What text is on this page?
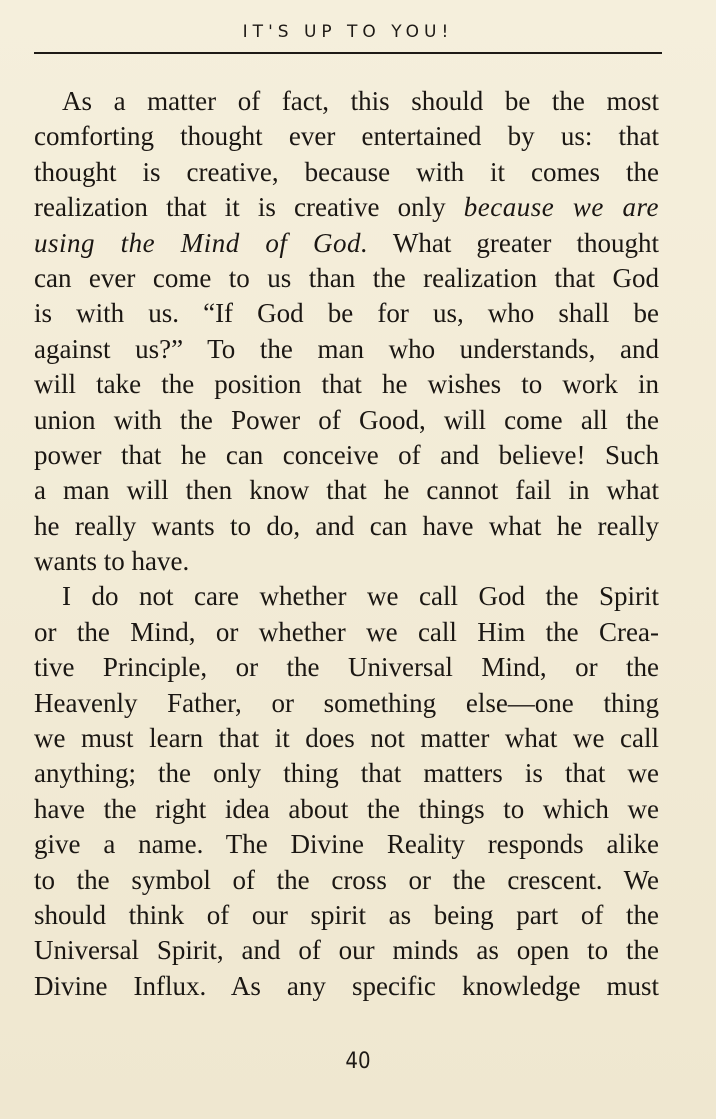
IT'S UP TO YOU!
As a matter of fact, this should be the most
comforting thought ever entertained by us: that
thought is creative, because with it comes the
realization that it is creative only because we are
using the Mind of God. What greater thought
can ever come to us than the realization that God
is with us. “If God be for us, who shall be
against us?” To the man who understands, and
will take the position that he wishes to work in
union with the Power of Good, will come all the
power that he can conceive of and believe! Such
a man will then know that he cannot fail in what
he really wants to do, and can have what he really
wants to have.
I do not care whether we call God the Spirit
or the Mind, or whether we call Him the Crea-
tive Principle, or the Universal Mind, or the
Heavenly Father, or something else—one thing
we must learn that it does not matter what we call
anything; the only thing that matters is that we
have the right idea about the things to which we
give a name. The Divine Reality responds alike
to the symbol of the cross or the crescent. We
should think of our spirit as being part of the
Universal Spirit, and of our minds as open to the
Divine Influx. As any specific knowledge must
40
